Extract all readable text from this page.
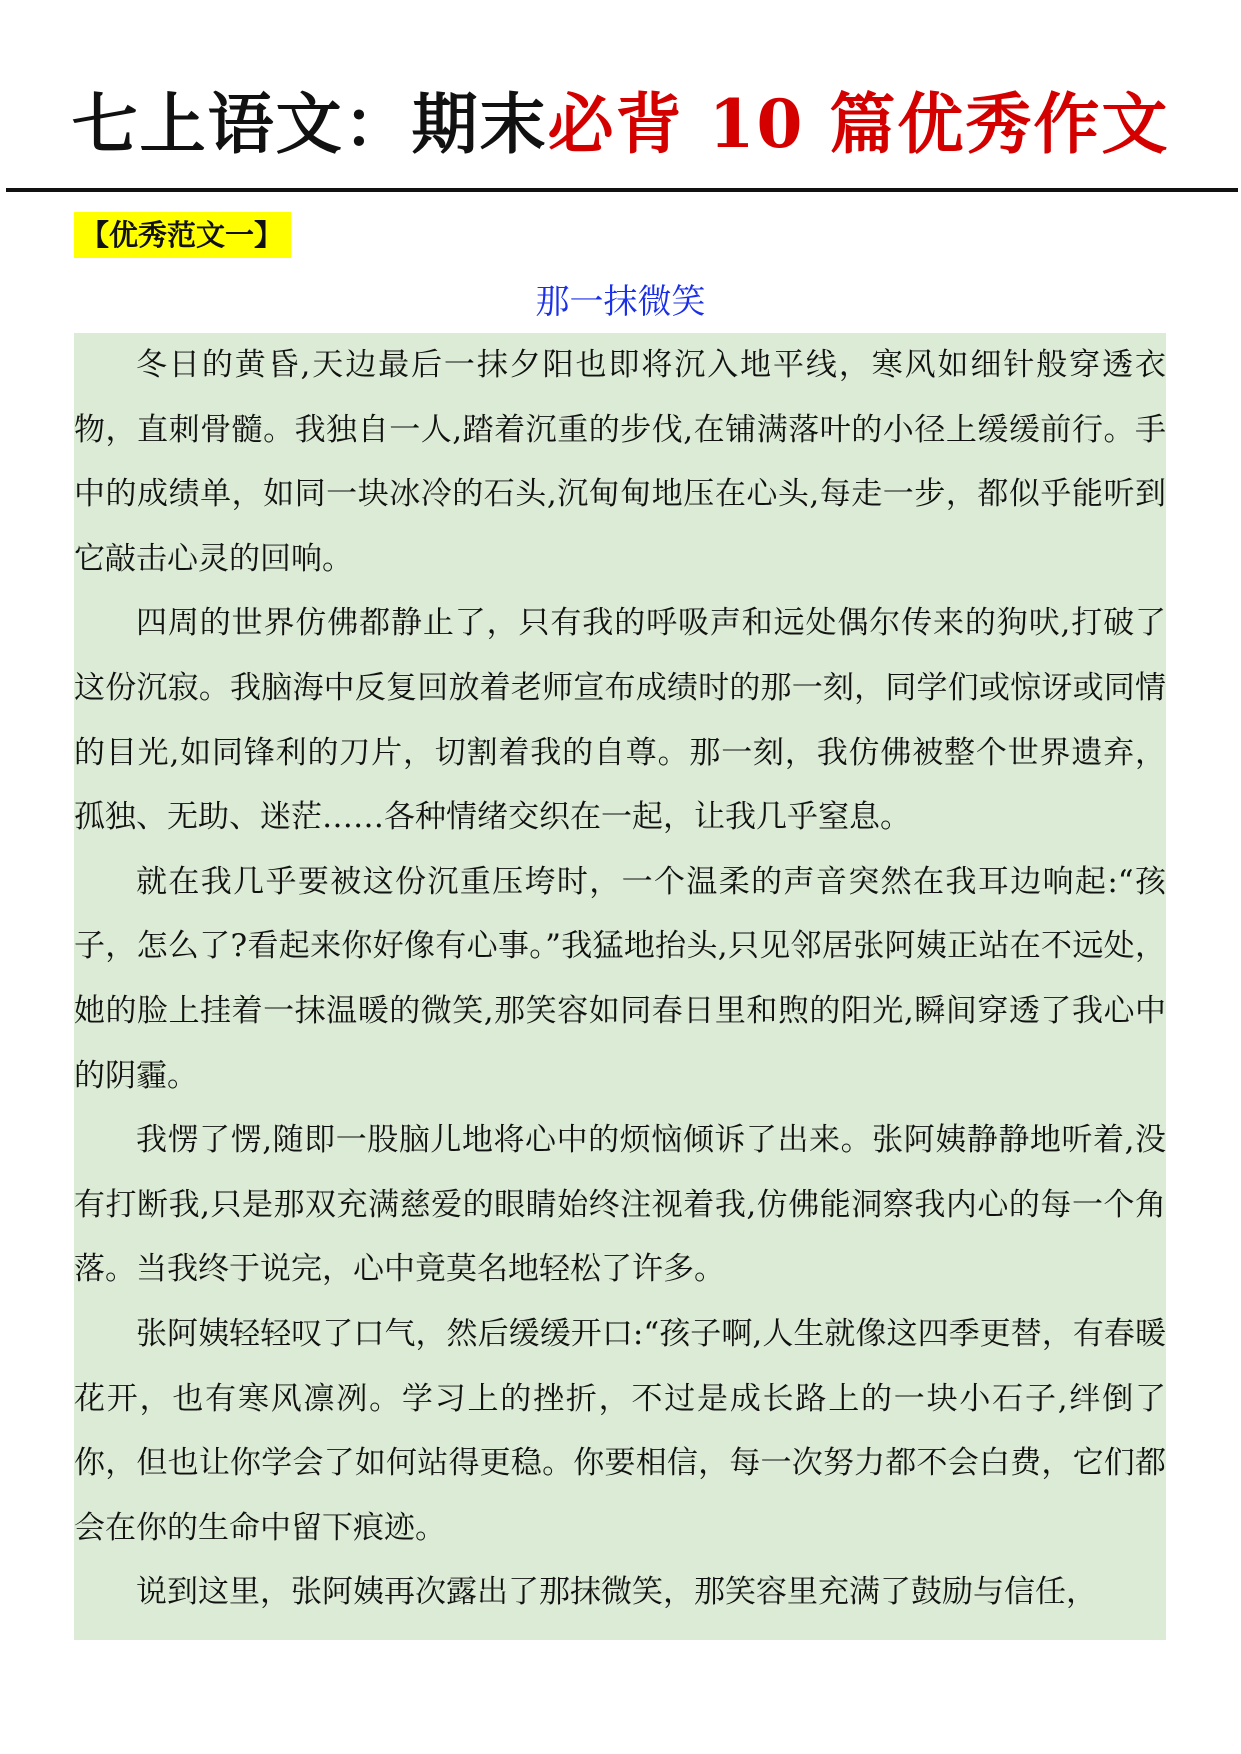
七上语文：期末必背 10 篇优秀作文
【优秀范文一】
那一抹微笑

冬日的黄昏,天边最后一抹夕阳也即将沉入地平线，寒风如细针般穿透衣物，直刺骨髓。我独自一人,踏着沉重的步伐,在铺满落叶的小径上缓缓前行。手中的成绩单，如同一块冰冷的石头,沉甸甸地压在心头,每走一步，都似乎能听到它敲击心灵的回响。

四周的世界仿佛都静止了，只有我的呼吸声和远处偶尔传来的狗吠,打破了这份沉寂。我脑海中反复回放着老师宣布成绩时的那一刻，同学们或惊讶或同情的目光,如同锋利的刀片，切割着我的自尊。那一刻，我仿佛被整个世界遗弃，孤独、无助、迷茫……各种情绪交织在一起，让我几乎窒息。

就在我几乎要被这份沉重压垮时，一个温柔的声音突然在我耳边响起:“孩子，怎么了?看起来你好像有心事。”我猛地抬头,只见邻居张阿姨正站在不远处，她的脸上挂着一抹温暖的微笑,那笑容如同春日里和煦的阳光,瞬间穿透了我心中的阴霾。

我愣了愣,随即一股脑儿地将心中的烦恼倾诉了出来。张阿姨静静地听着,没有打断我,只是那双充满慈爱的眼睛始终注视着我,仿佛能洞察我内心的每一个角落。当我终于说完，心中竟莫名地轻松了许多。

张阿姨轻轻叹了口气，然后缓缓开口:“孩子啊,人生就像这四季更替，有春暖花开，也有寒风凛冽。学习上的挫折，不过是成长路上的一块小石子,绊倒了你，但也让你学会了如何站得更稳。你要相信，每一次努力都不会白费，它们都会在你的生命中留下痕迹。

说到这里，张阿姨再次露出了那抹微笑，那笑容里充满了鼓励与信任，
